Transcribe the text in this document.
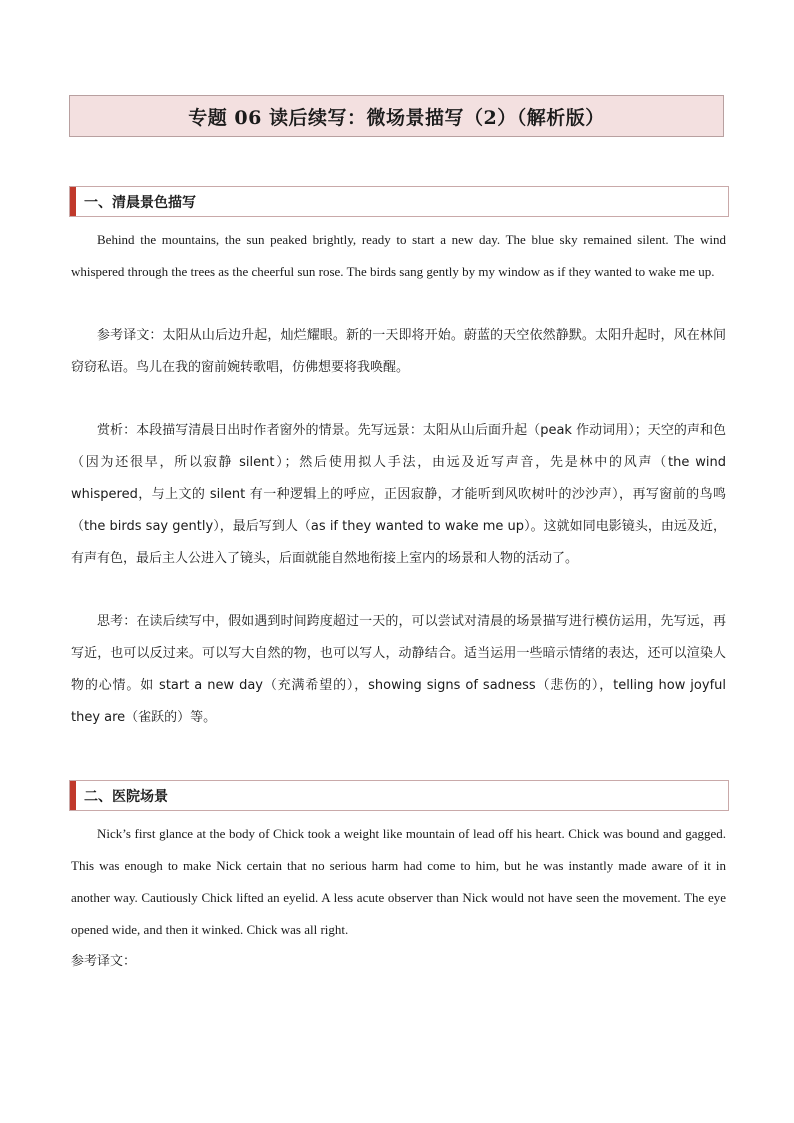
专题 06 读后续写：微场景描写（2）（解析版）
一、清晨景色描写

Behind the mountains, the sun peaked brightly, ready to start a new day. The blue sky remained silent. The wind whispered through the trees as the cheerful sun rose. The birds sang gently by my window as if they wanted to wake me up.

参考译文：太阳从山后边升起，灿烂耀眼。新的一天即将开始。蔚蓝的天空依然静默。太阳升起时，风在林间窃窃私语。鸟儿在我的窗前婉转歌唱，仿佛想要将我唤醒。

赏析：本段描写清晨日出时作者窗外的情景。先写远景：太阳从山后面升起（peak 作动词用）；天空的声和色（因为还很早，所以寂静 silent）；然后使用拟人手法，由远及近写声音，先是林中的风声（the wind whispered，与上文的 silent 有一种逻辑上的呼应，正因寂静，才能听到风吹树叶的沙沙声），再写窗前的鸟鸣（the birds say gently），最后写到人（as if they wanted to wake me up）。这就如同电影镜头，由远及近，有声有色，最后主人公进入了镜头，后面就能自然地衔接上室内的场景和人物的活动了。

思考：在读后续写中，假如遇到时间跨度超过一天的，可以尝试对清晨的场景描写进行模仿运用，先写远，再写近，也可以反过来。可以写大自然的物，也可以写人，动静结合。适当运用一些暗示情绪的表达，还可以渲染人物的心情。如 start a new day（充满希望的），showing signs of sadness（悲伤的），telling how joyful they are（雀跃的）等。

二、医院场景

Nick’s first glance at the body of Chick took a weight like mountain of lead off his heart. Chick was bound and gagged. This was enough to make Nick certain that no serious harm had come to him, but he was instantly made aware of it in another way. Cautiously Chick lifted an eyelid. A less acute observer than Nick would not have seen the movement. The eye opened wide, and then it winked. Chick was all right.

参考译文：
